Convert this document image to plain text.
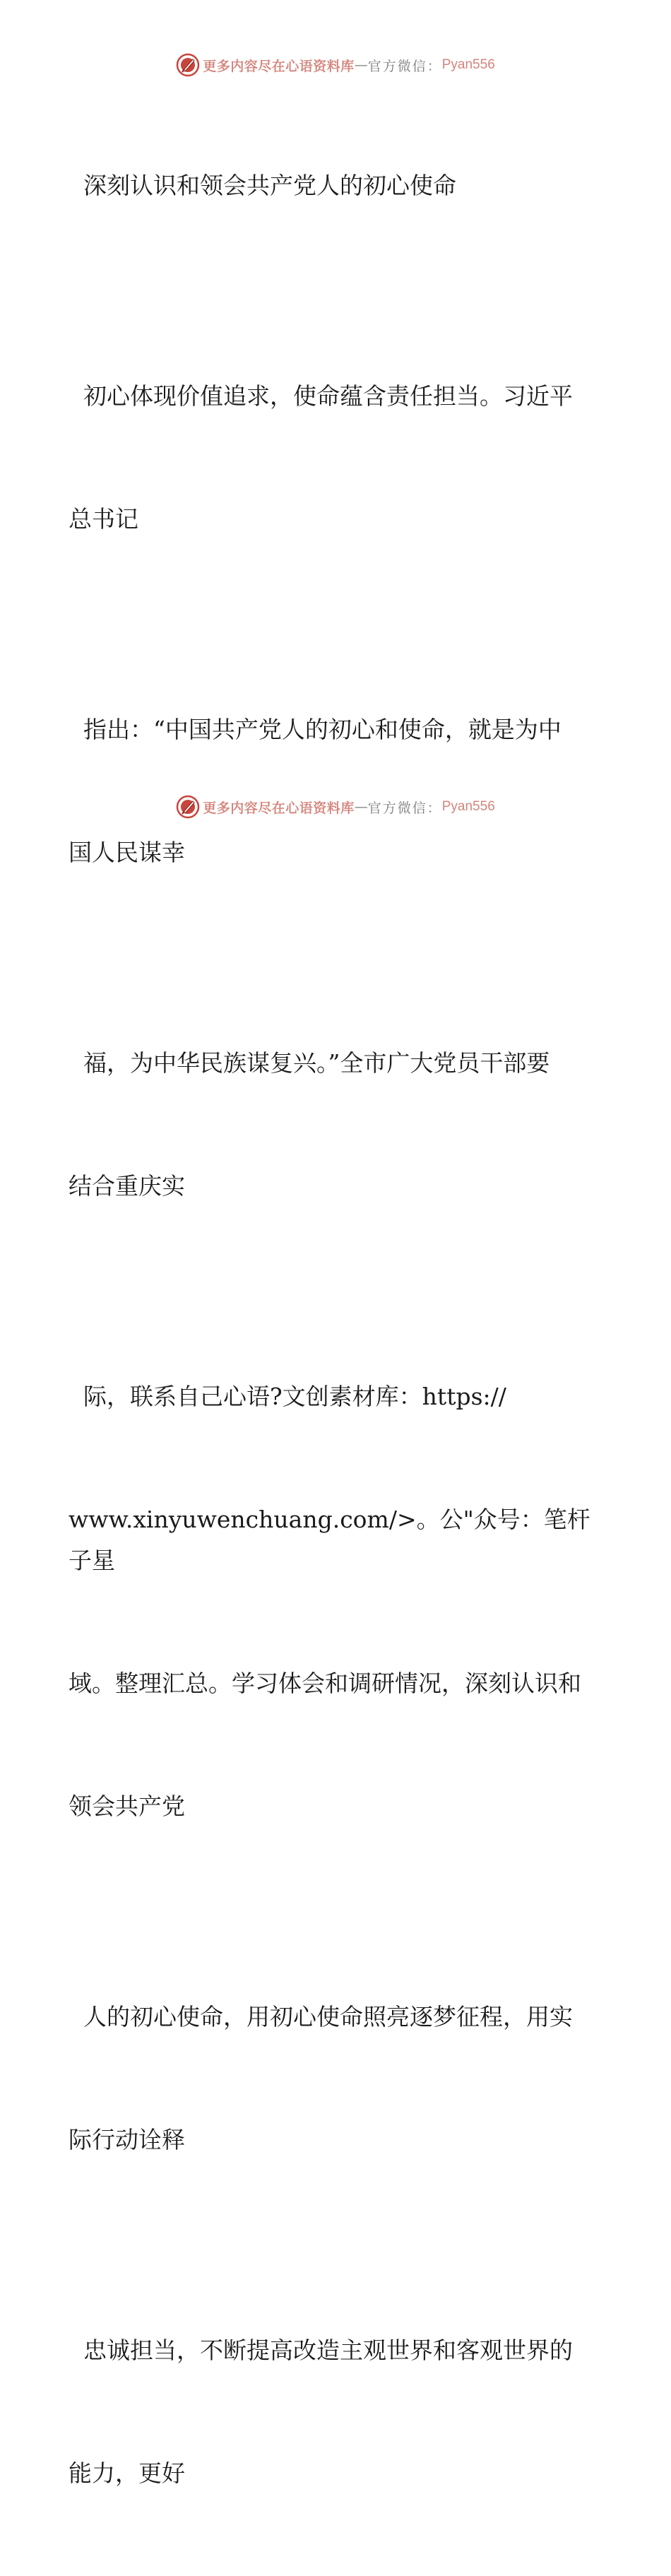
更多内容尽在心语资料库 — 官方微信： Pyan556

深刻认识和领会共产党人的初心使命

初心体现价值追求，使命蕴含责任担当。习近平

总书记

指出：“中国共产党人的初心和使命，就是为中

国人民谋幸

福，为中华民族谋复兴。”全市广大党员干部要

结合重庆实

际，联系自己心语?文创素材库：https://

www.xinyuwenchuang.com/>。公"众号：笔杆子星

域。整理汇总。学习体会和调研情况，深刻认识和

领会共产党

人的初心使命，用初心使命照亮逐梦征程，用实

际行动诠释

忠诚担当，不断提高改造主观世界和客观世界的

能力，更好

更多内容尽在心语资料库 — 官方微信： Pyan556
